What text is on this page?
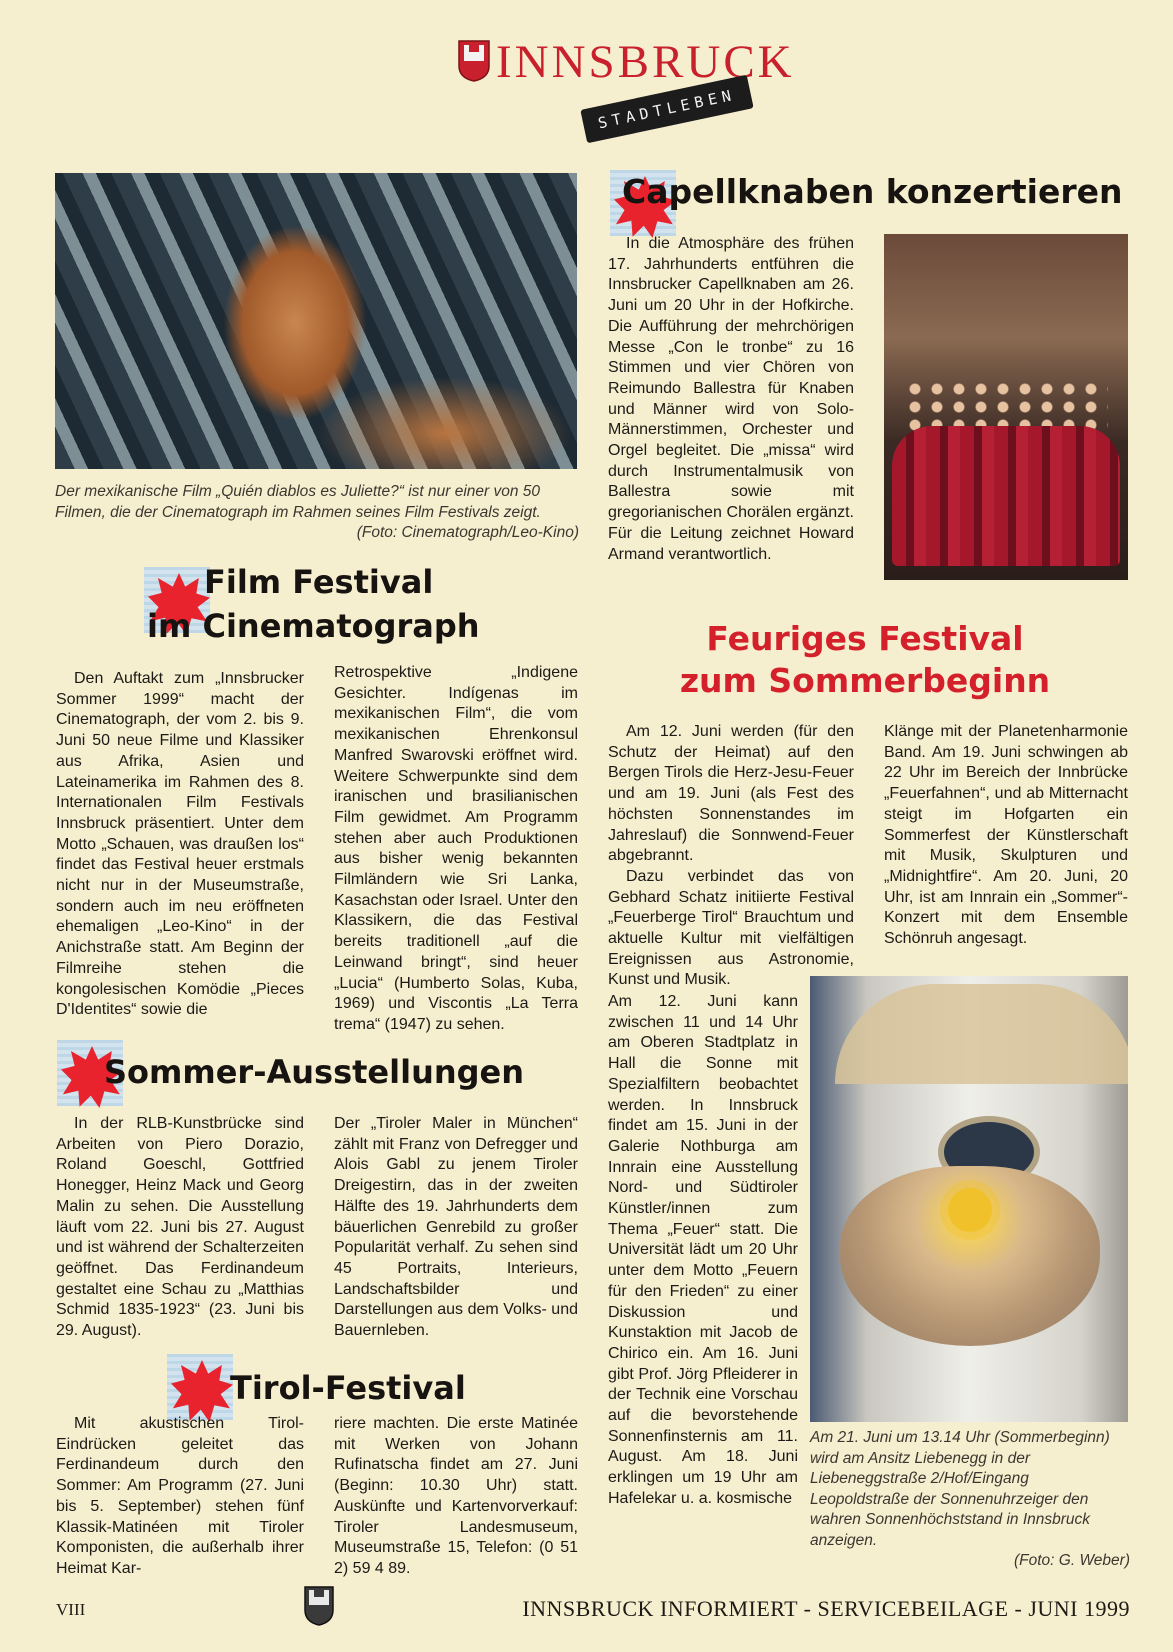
INNSBRUCK
STADTLEBEN
Der mexikanische Film „Quién diablos es Juliette?“ ist nur einer von 50 Filmen, die der Cinematograph im Rahmen seines Film Festivals zeigt.
(Foto: Cinematograph/Leo-Kino)
Film Festival
im Cinematograph

Den Auftakt zum „Innsbrucker Sommer 1999“ macht der Cinematograph, der vom 2. bis 9. Juni 50 neue Filme und Klassiker aus Afrika, Asien und Lateinamerika im Rahmen des 8. Internationalen Film Festivals Innsbruck präsentiert. Unter dem Motto „Schauen, was draußen los“ findet das Festival heuer erstmals nicht nur in der Museumstraße, sondern auch im neu eröffneten ehemaligen „Leo-Kino“ in der Anichstraße statt. Am Beginn der Filmreihe stehen die kongolesischen Komödie „Pieces D'Identites“ sowie die

Retrospektive „Indigene Gesichter. Indígenas im mexikanischen Film“, die vom mexikanischen Ehrenkonsul Manfred Swarovski eröffnet wird. Weitere Schwerpunkte sind dem iranischen und brasilianischen Film gewidmet. Am Programm stehen aber auch Produktionen aus bisher wenig bekannten Filmländern wie Sri Lanka, Kasachstan oder Israel. Unter den Klassikern, die das Festival bereits traditionell „auf die Leinwand bringt“, sind heuer „Lucia“ (Humberto Solas, Kuba, 1969) und Viscontis „La Terra trema“ (1947) zu sehen.

Sommer-Ausstellungen

In der RLB-Kunstbrücke sind Arbeiten von Piero Dorazio, Roland Goeschl, Gottfried Honegger, Heinz Mack und Georg Malin zu sehen. Die Ausstellung läuft vom 22. Juni bis 27. August und ist während der Schalterzeiten geöffnet. Das Ferdinandeum gestaltet eine Schau zu „Matthias Schmid 1835-1923“ (23. Juni bis 29. August).

Der „Tiroler Maler in München“ zählt mit Franz von Defregger und Alois Gabl zu jenem Tiroler Dreigestirn, das in der zweiten Hälfte des 19. Jahrhunderts dem bäuerlichen Genrebild zu großer Popularität verhalf. Zu sehen sind 45 Portraits, Interieurs, Landschaftsbilder und Darstellungen aus dem Volks- und Bauernleben.

Tirol-Festival

Mit akustischen Tirol-Eindrücken geleitet das Ferdinandeum durch den Sommer: Am Programm (27. Juni bis 5. September) stehen fünf Klassik-Matinéen mit Tiroler Komponisten, die außerhalb ihrer Heimat Kar-

riere machten. Die erste Matinée mit Werken von Johann Rufinatscha findet am 27. Juni (Beginn: 10.30 Uhr) statt. Auskünfte und Kartenvorverkauf: Tiroler Landesmuseum, Museumstraße 15, Telefon: (0 51 2) 59 4 89.

Capellknaben konzertieren

In die Atmosphäre des frühen 17. Jahrhunderts entführen die Innsbrucker Capellknaben am 26. Juni um 20 Uhr in der Hofkirche. Die Aufführung der mehrchörigen Messe „Con le tronbe“ zu 16 Stimmen und vier Chören von Reimundo Ballestra für Knaben und Männer wird von Solo-Männerstimmen, Orchester und Orgel begleitet. Die „missa“ wird durch Instrumentalmusik von Ballestra sowie mit gregorianischen Chorälen ergänzt. Für die Leitung zeichnet Howard Armand verantwortlich.

Feuriges Festival
zum Sommerbeginn

Am 12. Juni werden (für den Schutz der Heimat) auf den Bergen Tirols die Herz-Jesu-Feuer und am 19. Juni (als Fest des höchsten Sonnenstandes im Jahreslauf) die Sonnwend-Feuer abgebrannt.

Dazu verbindet das von Gebhard Schatz initiierte Festival „Feuerberge Tirol“ Brauchtum und aktuelle Kultur mit vielfältigen Ereignissen aus Astronomie, Kunst und Musik.

Am 12. Juni kann zwischen 11 und 14 Uhr am Oberen Stadtplatz in Hall die Sonne mit Spezialfiltern beobachtet werden. In Innsbruck findet am 15. Juni in der Galerie Nothburga am Innrain eine Ausstellung Nord- und Südtiroler Künstler/innen zum Thema „Feuer“ statt. Die Universität lädt um 20 Uhr unter dem Motto „Feuern für den Frieden“ zu einer Diskussion und Kunstaktion mit Jacob de Chirico ein. Am 16. Juni gibt Prof. Jörg Pfleiderer in der Technik eine Vorschau auf die bevorstehende Sonnenfinsternis am 11. August. Am 18. Juni erklingen um 19 Uhr am Hafelekar u. a. kosmische

Klänge mit der Planetenharmonie Band. Am 19. Juni schwingen ab 22 Uhr im Bereich der Innbrücke „Feuerfahnen“, und ab Mitternacht steigt im Hofgarten ein Sommerfest der Künstlerschaft mit Musik, Skulpturen und „Midnightfire“. Am 20. Juni, 20 Uhr, ist am Innrain ein „Sommer“-Konzert mit dem Ensemble Schönruh angesagt.

Am 21. Juni um 13.14 Uhr (Sommerbeginn) wird am Ansitz Liebenegg in der Liebeneggstraße 2/Hof/Eingang Leopoldstraße der Sonnenuhrzeiger den wahren Sonnenhöchststand in Innsbruck anzeigen.
(Foto: G. Weber)
VIII	INNSBRUCK INFORMIERT - SERVICEBEILAGE - JUNI 1999
